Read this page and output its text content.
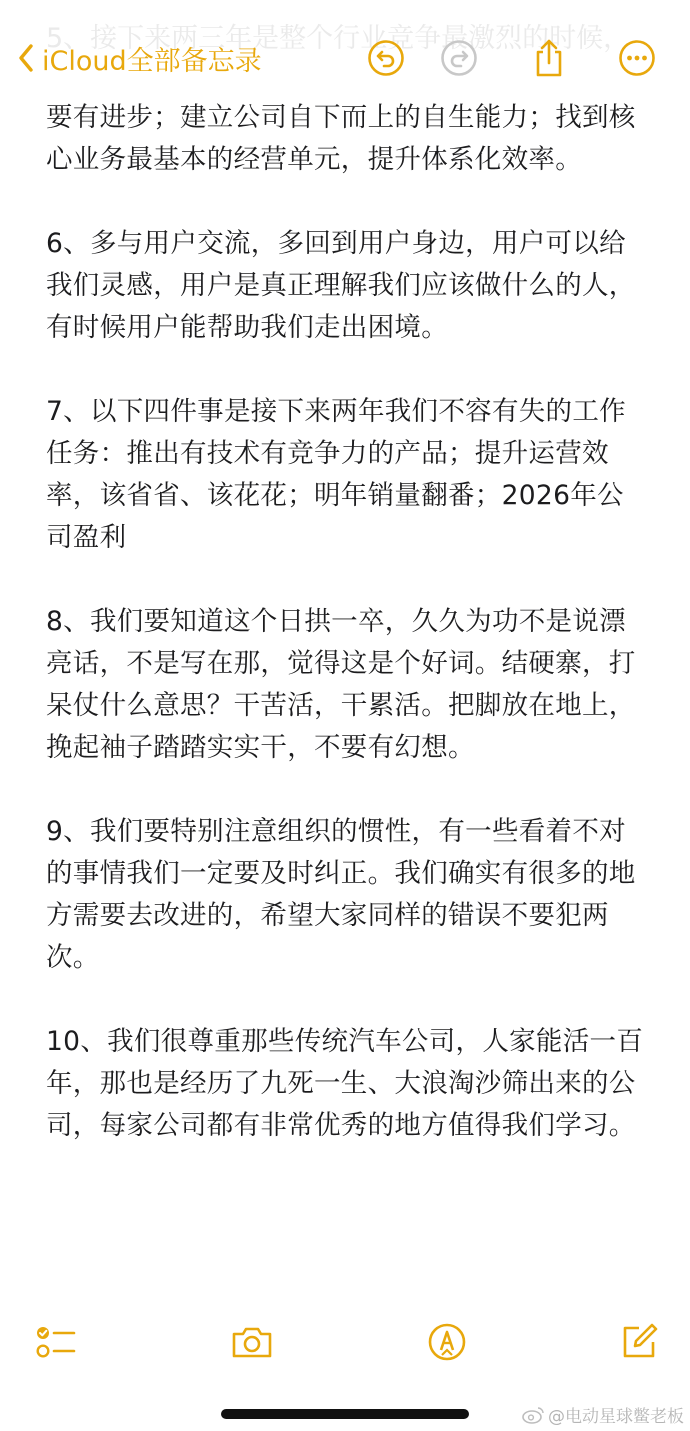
5、接下来两三年是整个行业竞争最激烈的时候，
iCloud全部备忘录

要有进步；建立公司自下而上的自生能力；找到核心业务最基本的经营单元，提升体系化效率。

6、多与用户交流，多回到用户身边，用户可以给我们灵感，用户是真正理解我们应该做什么的人，有时候用户能帮助我们走出困境。

7、以下四件事是接下来两年我们不容有失的工作任务：推出有技术有竞争力的产品；提升运营效率，该省省、该花花；明年销量翻番；2026年公司盈利

8、我们要知道这个日拱一卒，久久为功不是说漂亮话，不是写在那，觉得这是个好词。结硬寨，打呆仗什么意思？干苦活，干累活。把脚放在地上，挽起袖子踏踏实实干，不要有幻想。

9、我们要特别注意组织的惯性，有一些看着不对的事情我们一定要及时纠正。我们确实有很多的地方需要去改进的，希望大家同样的错误不要犯两次。

10、我们很尊重那些传统汽车公司，人家能活一百年，那也是经历了九死一生、大浪淘沙筛出来的公司，每家公司都有非常优秀的地方值得我们学习。

@电动星球鳖老板
